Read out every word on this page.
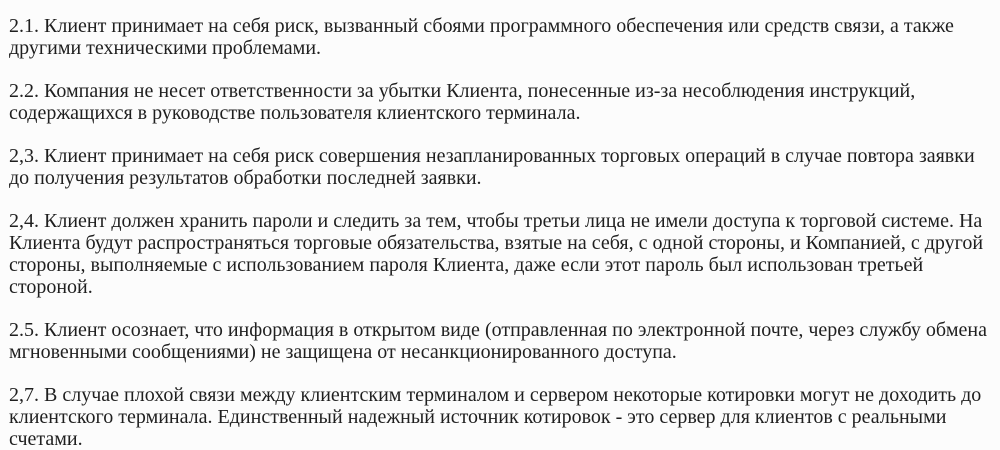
2.1. Клиент принимает на себя риск, вызванный сбоями программного обеспечения или средств связи, а также другими техническими проблемами.

2.2. Компания не несет ответственности за убытки Клиента, понесенные из-за несоблюдения инструкций, содержащихся в руководстве пользователя клиентского терминала.

2,3. Клиент принимает на себя риск совершения незапланированных торговых операций в случае повтора заявки до получения результатов обработки последней заявки.

2,4. Клиент должен хранить пароли и следить за тем, чтобы третьи лица не имели доступа к торговой системе. На Клиента будут распространяться торговые обязательства, взятые на себя, с одной стороны, и Компанией, с другой стороны, выполняемые с использованием пароля Клиента, даже если этот пароль был использован третьей стороной.

2.5. Клиент осознает, что информация в открытом виде (отправленная по электронной почте, через службу обмена мгновенными сообщениями) не защищена от несанкционированного доступа.

2,7. В случае плохой связи между клиентским терминалом и сервером некоторые котировки могут не доходить до клиентского терминала. Единственный надежный источник котировок - это сервер для клиентов с реальными счетами.
